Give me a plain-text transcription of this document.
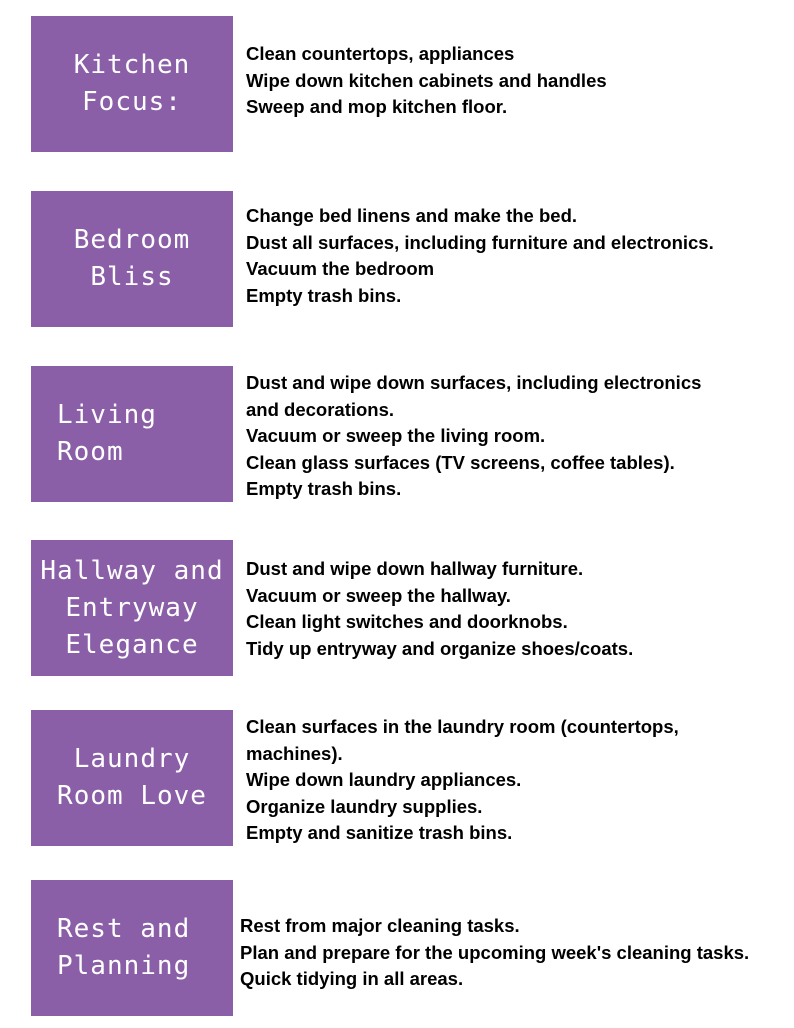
Kitchen
Focus:
Clean countertops, appliances
Wipe down kitchen cabinets and handles
Sweep and mop kitchen floor.
Bedroom
Bliss
Change bed linens and make the bed.
Dust all surfaces, including furniture and electronics.
Vacuum the bedroom
Empty trash bins.
Living
Room
Dust and wipe down surfaces, including electronics
and decorations.
Vacuum or sweep the living room.
Clean glass surfaces (TV screens, coffee tables).
Empty trash bins.
Hallway and
Entryway
Elegance
Dust and wipe down hallway furniture.
Vacuum or sweep the hallway.
Clean light switches and doorknobs.
Tidy up entryway and organize shoes/coats.
Laundry
Room Love
Clean surfaces in the laundry room (countertops,
machines).
Wipe down laundry appliances.
Organize laundry supplies.
Empty and sanitize trash bins.
Rest and
Planning
Rest from major cleaning tasks.
Plan and prepare for the upcoming week's cleaning tasks.
Quick tidying in all areas.
